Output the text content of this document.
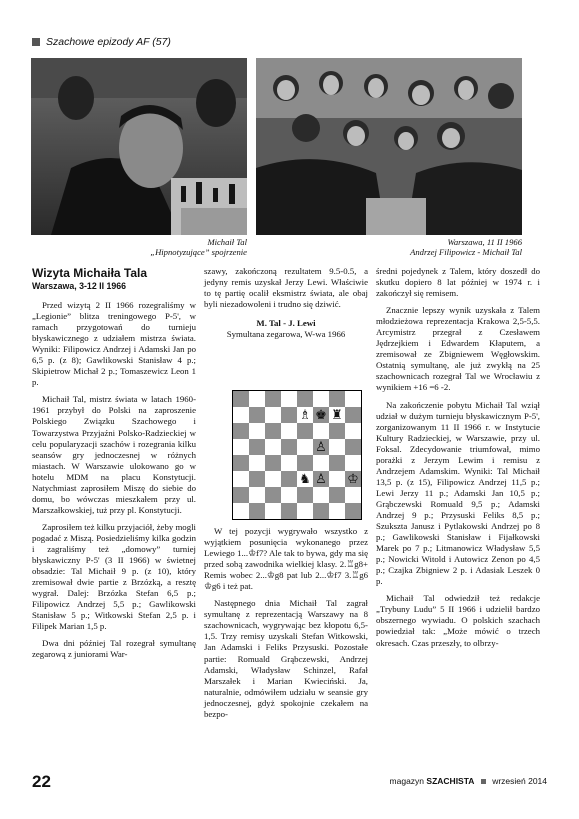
Szachowe epizody AF (57)
Michaił Tal
„Hipnotyzujące” spojrzenie
Warszawa, 11 II 1966
Andrzej Filipowicz - Michaił Tal
Wizyta Michaiła Tala
Warszawa, 3-12 II 1966

Przed wizytą 2 II 1966 rozegraliśmy w „Legionie” blitza treningowego P-5', w ramach przygotowań do turnieju błyskawicznego z udziałem mistrza świata. Wyniki: Filipowicz Andrzej i Adamski Jan po 6,5 p. (z 8); Gawlikowski Stanisław 4 p.; Skipietrow Michał 2 p.; Tomaszewicz Leon 1 p.

Michaił Tal, mistrz świata w latach 1960-1961 przybył do Polski na zaproszenie Polskiego Związku Szachowego i Towarzystwa Przyjaźni Polsko-Radzieckiej w celu popularyzacji szachów i rozegrania kilku seansów gry jednoczesnej w różnych miastach. W Warszawie ulokowano go w hotelu MDM na placu Konstytucji. Natychmiast zaprosiłem Miszę do siebie do domu, bo wówczas mieszkałem przy ul. Marszałkowskiej, tuż przy pl. Konstytucji.

Zaprosiłem też kilku przyjaciół, żeby mogli pogadać z Miszą. Posiedzieliśmy kilka godzin i zagraliśmy też „domowy” turniej błyskawiczny P-5' (3 II 1966) w świetnej obsadzie: Tal Michaił 9 p. (z 10), który zremisował dwie partie z Brzózką, a resztę wygrał. Dalej: Brzózka Stefan 6,5 p.; Filipowicz Andrzej 5,5 p.; Gawlikowski Stanisław 5 p.; Witkowski Stefan 2,5 p. i Filipek Marian 1,5 p.

Dwa dni później Tal rozegrał symultanę zegarową z juniorami War-

szawy, zakończoną rezultatem 9.5-0.5, a jedyny remis uzyskał Jerzy Lewi. Właściwie to tę partię ocalił eksmistrz świata, ale obaj byli niezadowoleni i trudno się dziwić.

M. Tal - J. Lewi

Symultana zegarowa, W-wa 1966

♗ ♚ ♜
♙
♞ ♙ ♔

W tej pozycji wygrywało wszystko z wyjątkiem posunięcia wykonanego przez Lewiego 1...♔f7? Ale tak to bywa, gdy ma się przed sobą zawodnika wielkiej klasy. 2.♖g8+ Remis wobec 2...♔g8 pat lub 2...♔f7 3.♖g6 ♔g6 i też pat.

Następnego dnia Michaił Tal zagrał symultanę z reprezentacją Warszawy na 8 szachownicach, wygrywając bez kłopotu 6,5-1,5. Trzy remisy uzyskali Stefan Witkowski, Jan Adamski i Feliks Przysuski. Pozostałe partie: Romuald Grąbczewski, Andrzej Adamski, Władysław Schinzel, Rafał Marszałek i Marian Kwieciński. Ja, naturalnie, odmówiłem udziału w seansie gry jednoczesnej, gdyż spokojnie czekałem na bezpo-

średni pojedynek z Talem, który doszedł do skutku dopiero 8 lat później w 1974 r. i zakończył się remisem.

Znacznie lepszy wynik uzyskała z Talem młodzieżowa reprezentacja Krakowa 2,5-5,5. Arcymistrz przegrał z Czesławem Jędrzejkiem i Edwardem Kłaputem, a zremisował ze Zbigniewem Węgłowskim. Ostatnią symultanę, ale już zwykłą na 25 szachownicach rozegrał Tal we Wrocławiu z wynikiem +16 =6 -2.

Na zakończenie pobytu Michaił Tal wziął udział w dużym turnieju błyskawicznym P-5', zorganizowanym 11 II 1966 r. w Instytucie Kultury Radzieckiej, w Warszawie, przy ul. Foksal. Zdecydowanie triumfował, mimo porażki z Jerzym Lewim i remisu z Andrzejem Adamskim. Wyniki: Tal Michaił 13,5 p. (z 15), Filipowicz Andrzej 11,5 p.; Lewi Jerzy 11 p.; Adamski Jan 10,5 p.; Grąbczewski Romuald 9,5 p.; Adamski Andrzej 9 p.; Przysuski Feliks 8,5 p.; Szukszta Janusz i Pytlakowski Andrzej po 8 p.; Gawlikowski Stanisław i Fijałkowski Marek po 7 p.; Litmanowicz Władysław 5,5 p.; Nowicki Witold i Autowicz Zenon po 4,5 p.; Czajka Zbigniew 2 p. i Adasiak Leszek 0 p.

Michaił Tal odwiedził też redakcje „Trybuny Ludu” 5 II 1966 i udzielił bardzo obszernego wywiadu. O polskich szachach powiedział tak: „Może mówić o trzech okresach. Czas przeszły, to olbrzy-

22	magazyn SZACHISTA wrzesień 2014
